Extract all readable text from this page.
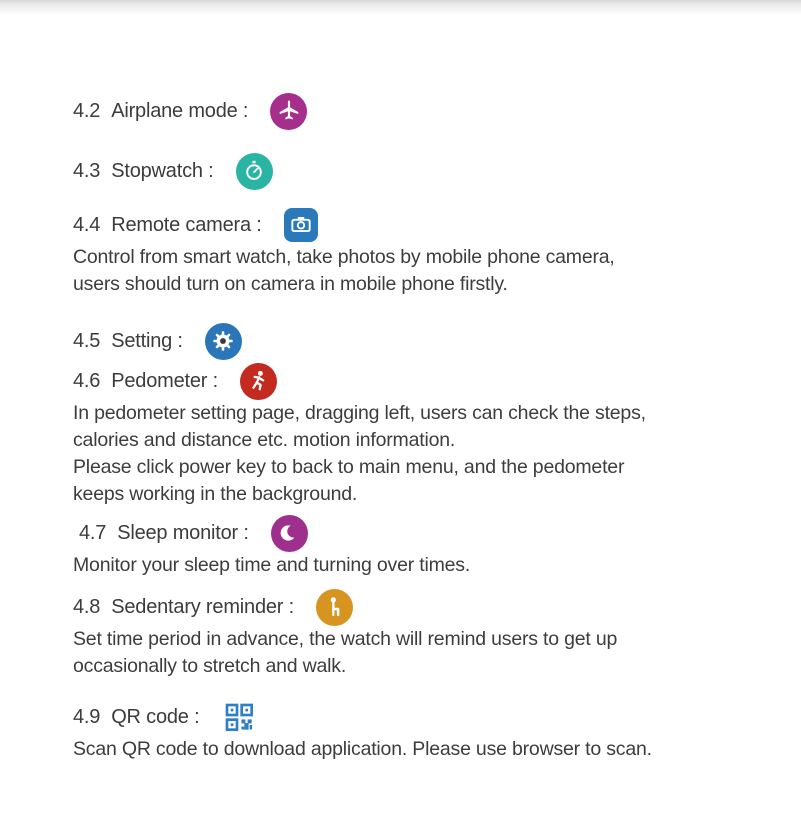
4.2 Airplane mode :
4.3 Stopwatch :
4.4 Remote camera :
Control from smart watch, take photos by mobile phone camera,
users should turn on camera in mobile phone firstly.
4.5 Setting :
4.6 Pedometer :
In pedometer setting page, dragging left, users can check the steps,
calories and distance etc. motion information.
Please click power key to back to main menu, and the pedometer
keeps working in the background.
4.7 Sleep monitor :
Monitor your sleep time and turning over times.
4.8 Sedentary reminder :
Set time period in advance, the watch will remind users to get up
occasionally to stretch and walk.
4.9 QR code :
Scan QR code to download application. Please use browser to scan.
